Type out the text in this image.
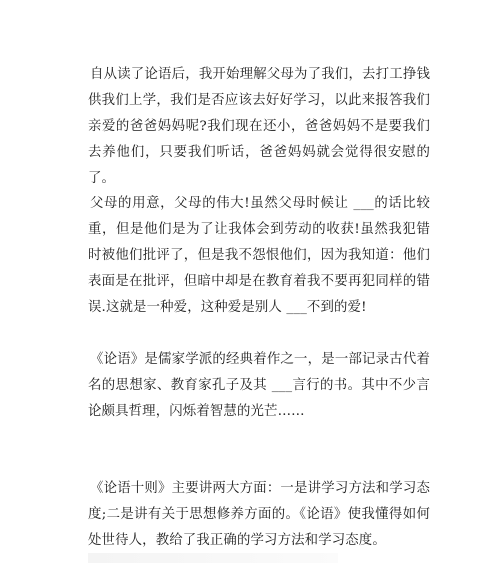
自从读了论语后，我开始理解父母为了我们，去打工挣钱供我们上学，我们是否应该去好好学习，以此来报答我们亲爱的爸爸妈妈呢?我们现在还小，爸爸妈妈不是要我们去养他们，只要我们听话，爸爸妈妈就会觉得很安慰的了。

父母的用意，父母的伟大!虽然父母时候让 ___的话比较重，但是他们是为了让我体会到劳动的收获!虽然我犯错时被他们批评了，但是我不怨恨他们，因为我知道：他们表面是在批评，但暗中却是在教育着我不要再犯同样的错误.这就是一种爱，这种爱是别人 ___不到的爱!

《论语》是儒家学派的经典着作之一，是一部记录古代着名的思想家、教育家孔子及其 ___言行的书。其中不少言论颇具哲理，闪烁着智慧的光芒……

《论语十则》主要讲两大方面：一是讲学习方法和学习态度;二是讲有关于思想修养方面的。《论语》使我懂得如何处世待人，教给了我正确的学习方法和学习态度。
